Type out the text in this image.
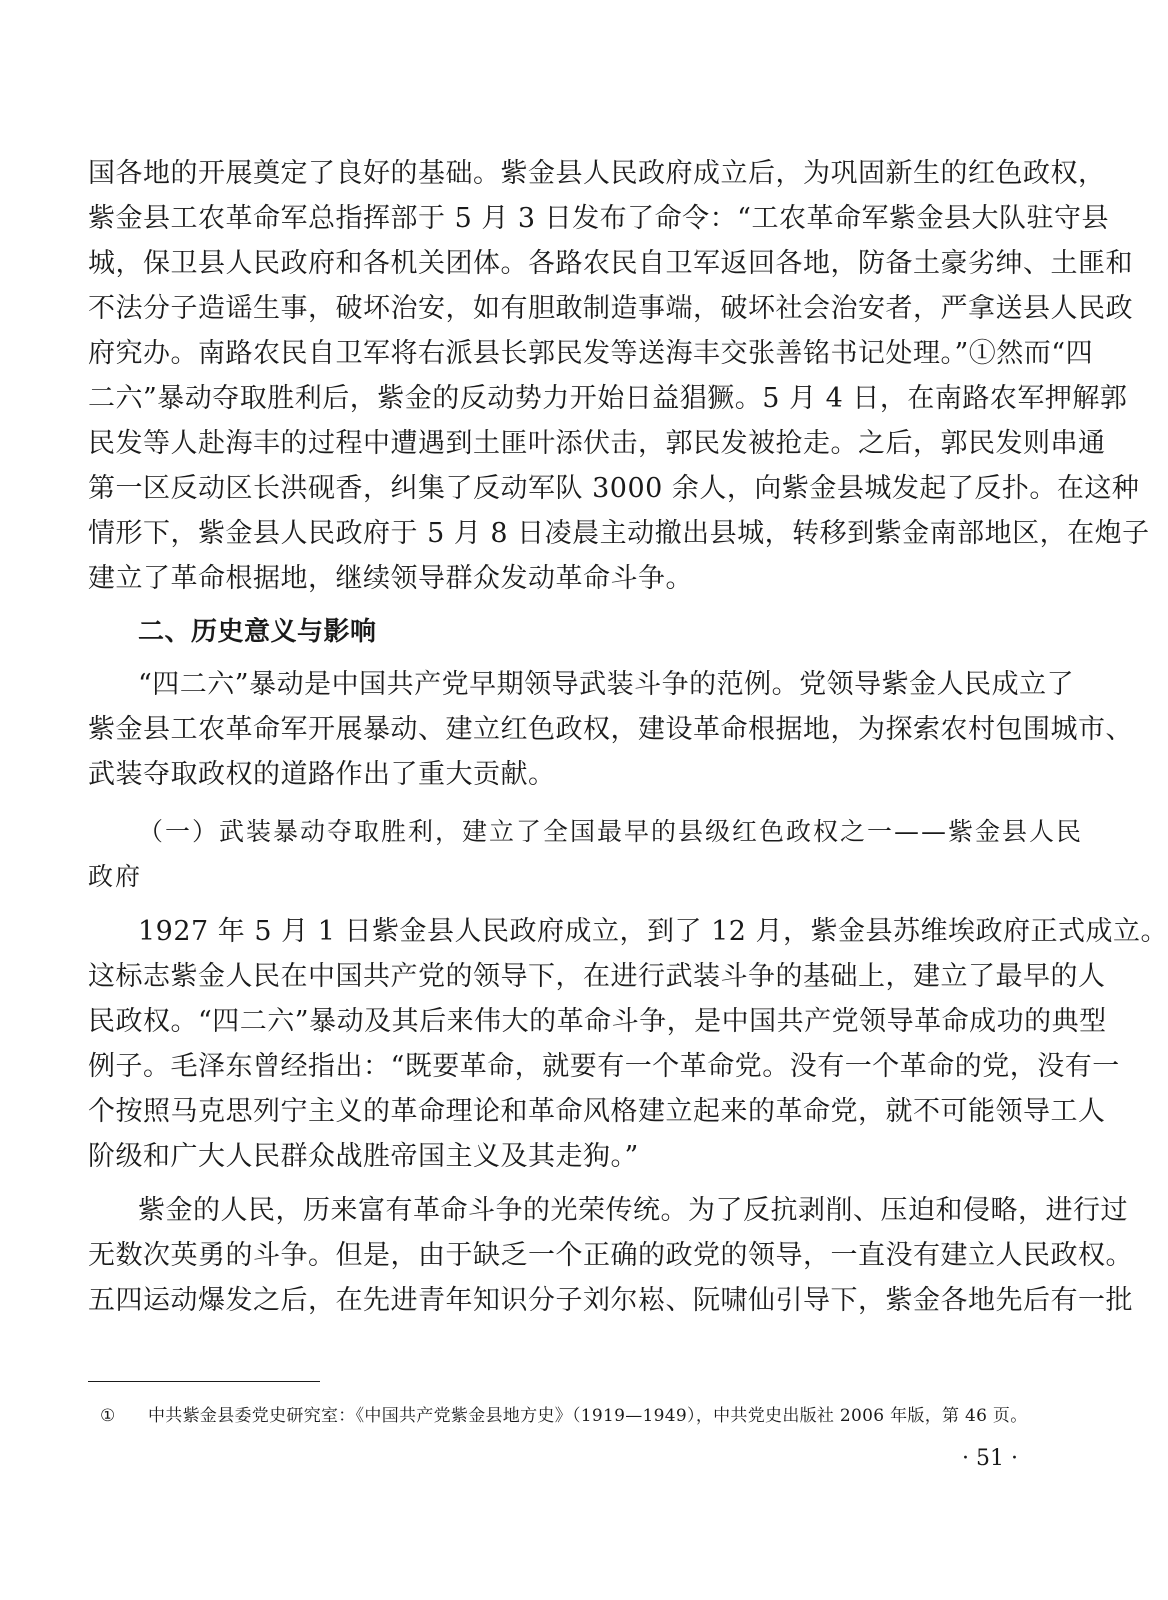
国各地的开展奠定了良好的基础。紫金县人民政府成立后，为巩固新生的红色政权，
紫金县工农革命军总指挥部于 5 月 3 日发布了命令：“工农革命军紫金县大队驻守县
城，保卫县人民政府和各机关团体。各路农民自卫军返回各地，防备土豪劣绅、土匪和
不法分子造谣生事，破坏治安，如有胆敢制造事端，破坏社会治安者，严拿送县人民政
府究办。南路农民自卫军将右派县长郭民发等送海丰交张善铭书记处理。”①然而“四
二六”暴动夺取胜利后，紫金的反动势力开始日益猖獗。5 月 4 日，在南路农军押解郭
民发等人赴海丰的过程中遭遇到土匪叶添伏击，郭民发被抢走。之后，郭民发则串通
第一区反动区长洪砚香，纠集了反动军队 3000 余人，向紫金县城发起了反扑。在这种
情形下，紫金县人民政府于 5 月 8 日凌晨主动撤出县城，转移到紫金南部地区，在炮子
建立了革命根据地，继续领导群众发动革命斗争。
二、历史意义与影响
“四二六”暴动是中国共产党早期领导武装斗争的范例。党领导紫金人民成立了
紫金县工农革命军开展暴动、建立红色政权，建设革命根据地，为探索农村包围城市、
武装夺取政权的道路作出了重大贡献。
（一）武装暴动夺取胜利，建立了全国最早的县级红色政权之一——紫金县人民
政府
1927 年 5 月 1 日紫金县人民政府成立，到了 12 月，紫金县苏维埃政府正式成立。
这标志紫金人民在中国共产党的领导下，在进行武装斗争的基础上，建立了最早的人
民政权。“四二六”暴动及其后来伟大的革命斗争，是中国共产党领导革命成功的典型
例子。毛泽东曾经指出：“既要革命，就要有一个革命党。没有一个革命的党，没有一
个按照马克思列宁主义的革命理论和革命风格建立起来的革命党，就不可能领导工人
阶级和广大人民群众战胜帝国主义及其走狗。”
紫金的人民，历来富有革命斗争的光荣传统。为了反抗剥削、压迫和侵略，进行过
无数次英勇的斗争。但是，由于缺乏一个正确的政党的领导，一直没有建立人民政权。
五四运动爆发之后，在先进青年知识分子刘尔崧、阮啸仙引导下，紫金各地先后有一批
① 中共紫金县委党史研究室：《中国共产党紫金县地方史》（1919—1949），中共党史出版社 2006 年版，第 46 页。
· 51 ·
